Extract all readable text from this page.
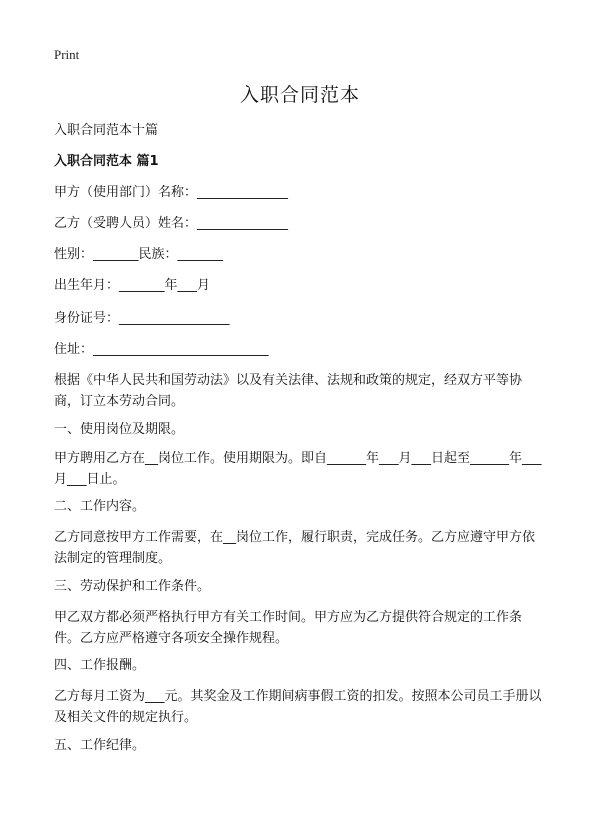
Print
入职合同范本

入职合同范本十篇

入职合同范本 篇1

甲方（使用部门）名称：______________

乙方（受聘人员）姓名：______________

性别：_______民族：_______

出生年月：_______年___月

身份证号：_________________

住址：___________________________

根据《中华人民共和国劳动法》以及有关法律、法规和政策的规定，经双方平等协商，订立本劳动合同。

一、使用岗位及期限。

甲方聘用乙方在__岗位工作。使用期限为。即自______年___月___日起至______年___月___日止。

二、工作内容。

乙方同意按甲方工作需要，在__岗位工作，履行职责，完成任务。乙方应遵守甲方依法制定的管理制度。

三、劳动保护和工作条件。

甲乙双方都必须严格执行甲方有关工作时间。甲方应为乙方提供符合规定的工作条件。乙方应严格遵守各项安全操作规程。

四、工作报酬。

乙方每月工资为___元。其奖金及工作期间病事假工资的扣发。按照本公司员工手册以及相关文件的规定执行。

五、工作纪律。
